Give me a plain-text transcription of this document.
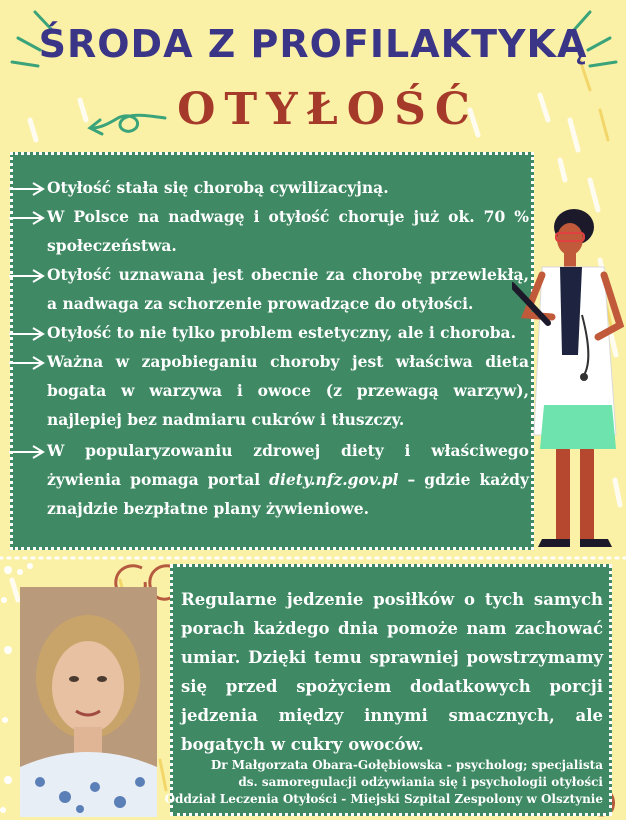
ŚRODA Z PROFILAKTYKĄ
OTYŁOŚĆ
Otyłość stała się chorobą cywilizacyjną.
W Polsce na nadwagę i otyłość choruje już ok. 70 % społeczeństwa.
Otyłość uznawana jest obecnie za chorobę przewlekłą, a nadwaga za schorzenie prowadzące do otyłości.
Otyłość to nie tylko problem estetyczny, ale i choroba.
Ważna w zapobieganiu choroby jest właściwa dieta bogata w warzywa i owoce (z przewagą warzyw), najlepiej bez nadmiaru cukrów i tłuszczy.
W popularyzowaniu zdrowej diety i właściwego żywienia pomaga portal diety.nfz.gov.pl – gdzie każdy znajdzie bezpłatne plany żywieniowe.
Regularne jedzenie posiłków o tych samych porach każdego dnia pomoże nam zachować umiar. Dzięki temu sprawniej powstrzymamy się przed spożyciem dodatkowych porcji jedzenia między innymi smacznych, ale bogatych w cukry owoców.
Dr Małgorzata Obara-Gołębiowska - psycholog; specjalista
ds. samoregulacji odżywiania się i psychologii otyłości
Oddział Leczenia Otyłości - Miejski Szpital Zespolony w Olsztynie
